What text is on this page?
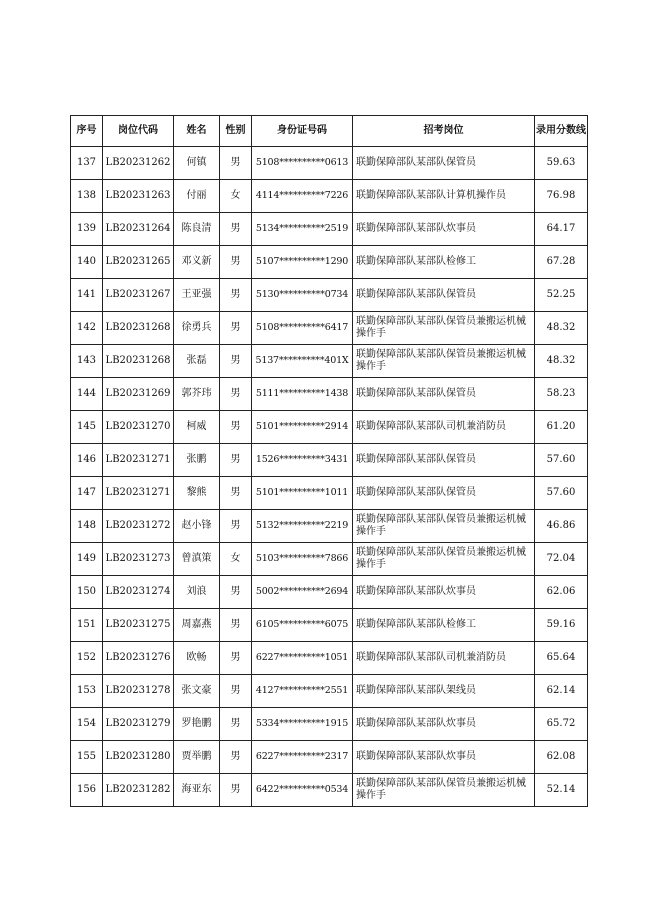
序号	岗位代码	姓名	性别	身份证号码	招考岗位	录用分数线
137	LB20231262	何镇	男	5108**********0613	联勤保障部队某部队保管员	59.63
138	LB20231263	付丽	女	4114**********7226	联勤保障部队某部队计算机操作员	76.98
139	LB20231264	陈良清	男	5134**********2519	联勤保障部队某部队炊事员	64.17
140	LB20231265	邓义新	男	5107**********1290	联勤保障部队某部队检修工	67.28
141	LB20231267	王亚强	男	5130**********0734	联勤保障部队某部队保管员	52.25
142	LB20231268	徐勇兵	男	5108**********6417	联勤保障部队某部队保管员兼搬运机械操作手	48.32
143	LB20231268	张磊	男	5137**********401X	联勤保障部队某部队保管员兼搬运机械操作手	48.32
144	LB20231269	郭芥玮	男	5111**********1438	联勤保障部队某部队保管员	58.23
145	LB20231270	柯威	男	5101**********2914	联勤保障部队某部队司机兼消防员	61.20
146	LB20231271	张鹏	男	1526**********3431	联勤保障部队某部队保管员	57.60
147	LB20231271	黎熊	男	5101**********1011	联勤保障部队某部队保管员	57.60
148	LB20231272	赵小锋	男	5132**********2219	联勤保障部队某部队保管员兼搬运机械操作手	46.86
149	LB20231273	曾滇策	女	5103**********7866	联勤保障部队某部队保管员兼搬运机械操作手	72.04
150	LB20231274	刘浪	男	5002**********2694	联勤保障部队某部队炊事员	62.06
151	LB20231275	周嘉燕	男	6105**********6075	联勤保障部队某部队检修工	59.16
152	LB20231276	欧畅	男	6227**********1051	联勤保障部队某部队司机兼消防员	65.64
153	LB20231278	张文豪	男	4127**********2551	联勤保障部队某部队架线员	62.14
154	LB20231279	罗艳鹏	男	5334**********1915	联勤保障部队某部队炊事员	65.72
155	LB20231280	贾举鹏	男	6227**********2317	联勤保障部队某部队炊事员	62.08
156	LB20231282	海亚东	男	6422**********0534	联勤保障部队某部队保管员兼搬运机械操作手	52.14
